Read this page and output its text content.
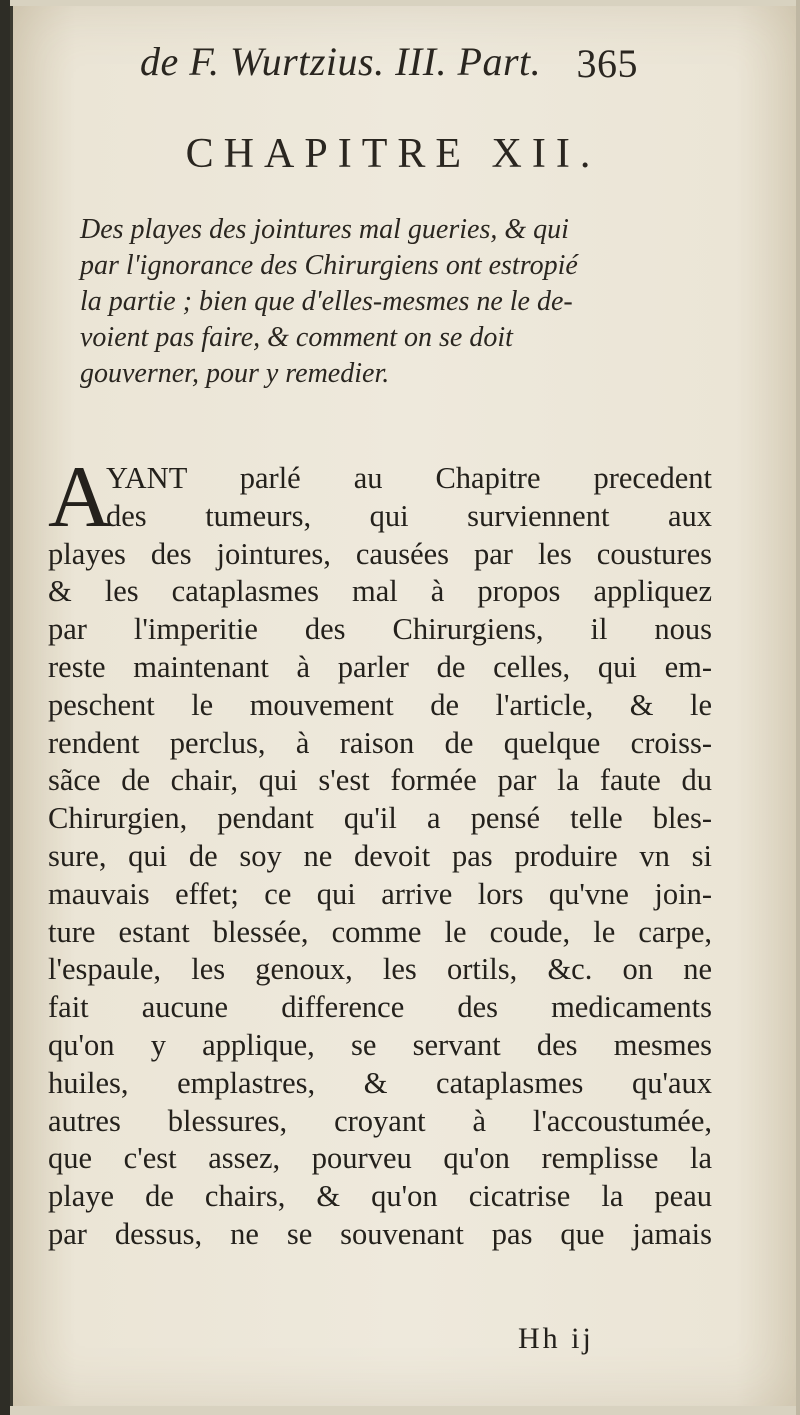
de F. Wurtzius. III. Part. 365
CHAPITRE XII.
Des playes des jointures mal gueries, & qui
par l'ignorance des Chirurgiens ont estropié
la partie ; bien que d'elles-mesmes ne le de-
voient pas faire, & comment on se doit
gouverner, pour y remedier.
A
YANT parlé au Chapitre precedent
des tumeurs, qui surviennent aux
playes des jointures, causées par les coustures
& les cataplasmes mal à propos appliquez
par l'imperitie des Chirurgiens, il nous
reste maintenant à parler de celles, qui em-
peschent le mouvement de l'article, & le
rendent perclus, à raison de quelque croiss-
sãce de chair, qui s'est formée par la faute du
Chirurgien, pendant qu'il a pensé telle bles-
sure, qui de soy ne devoit pas produire vn si
mauvais effet; ce qui arrive lors qu'vne join-
ture estant blessée, comme le coude, le carpe,
l'espaule, les genoux, les ortils, &c. on ne
fait aucune difference des medicaments
qu'on y applique, se servant des mesmes
huiles, emplastres, & cataplasmes qu'aux
autres blessures, croyant à l'accoustumée,
que c'est assez, pourveu qu'on remplisse la
playe de chairs, & qu'on cicatrise la peau
par dessus, ne se souvenant pas que jamais
Hh ij
